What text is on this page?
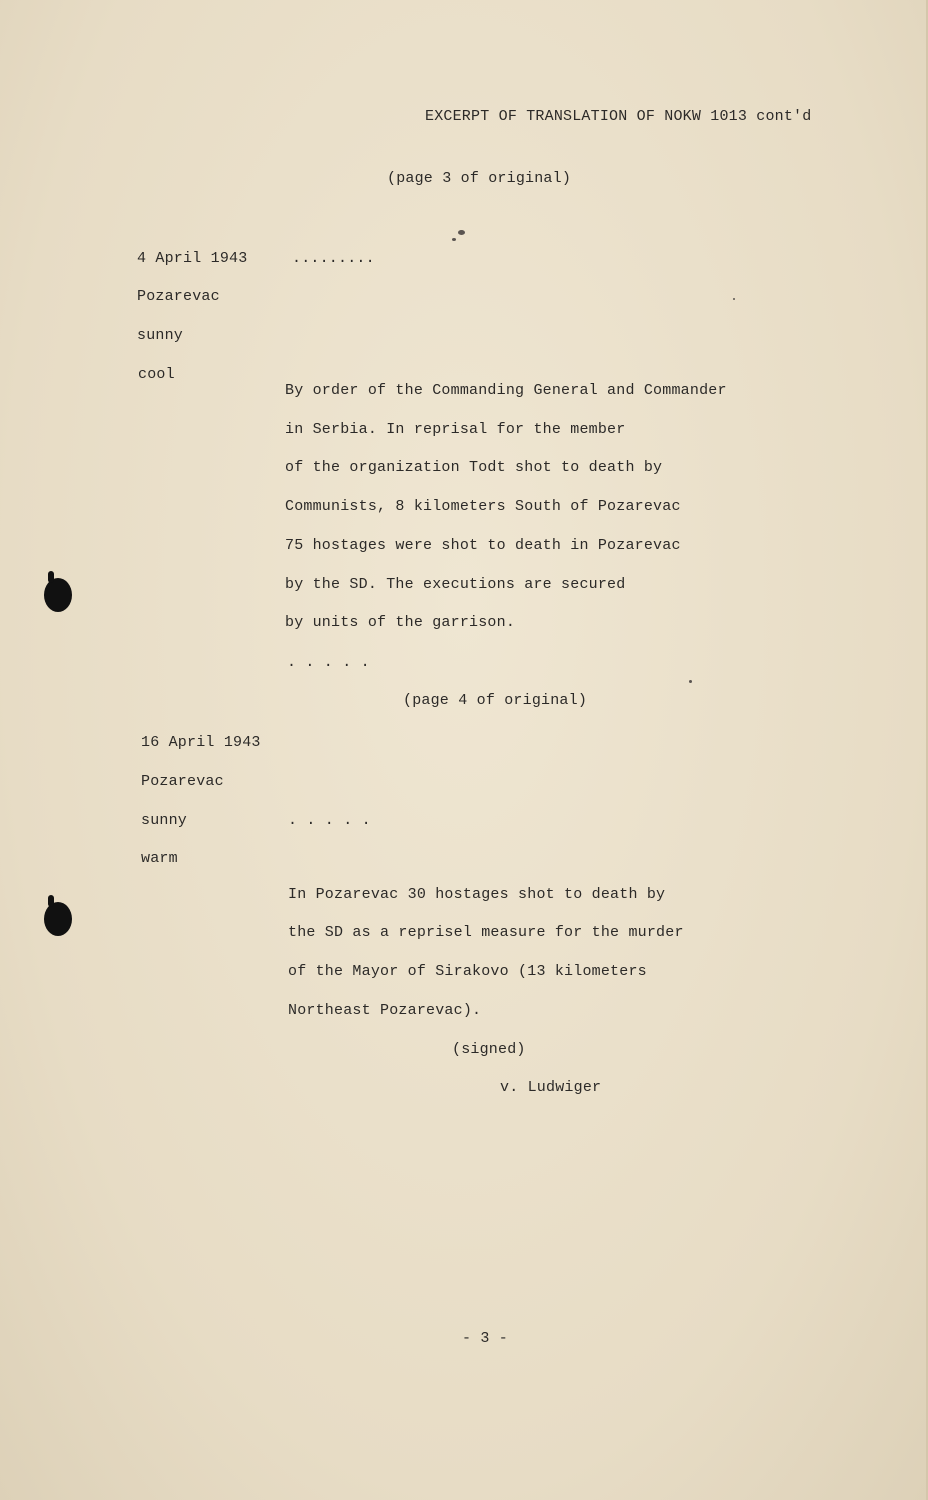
EXCERPT OF TRANSLATION OF NOKW 1013 cont'd
(page 3 of original)
4 April 1943	.........
Pozarevac
sunny
cool
By order of the Commanding General and Commander
in Serbia. In reprisal for the member
of the organization Todt shot to death by
Communists, 8 kilometers South of Pozarevac
75 hostages were shot to death in Pozarevac
by the SD. The executions are secured
by units of the garrison.
. . . . .
(page 4 of original)
16 April 1943
Pozarevac
sunny	. . . . .
warm
In Pozarevac 30 hostages shot to death by
the SD as a reprisel measure for the murder
of the Mayor of Sirakovo (13 kilometers
Northeast Pozarevac).
(signed)
v. Ludwiger
- 3 -
